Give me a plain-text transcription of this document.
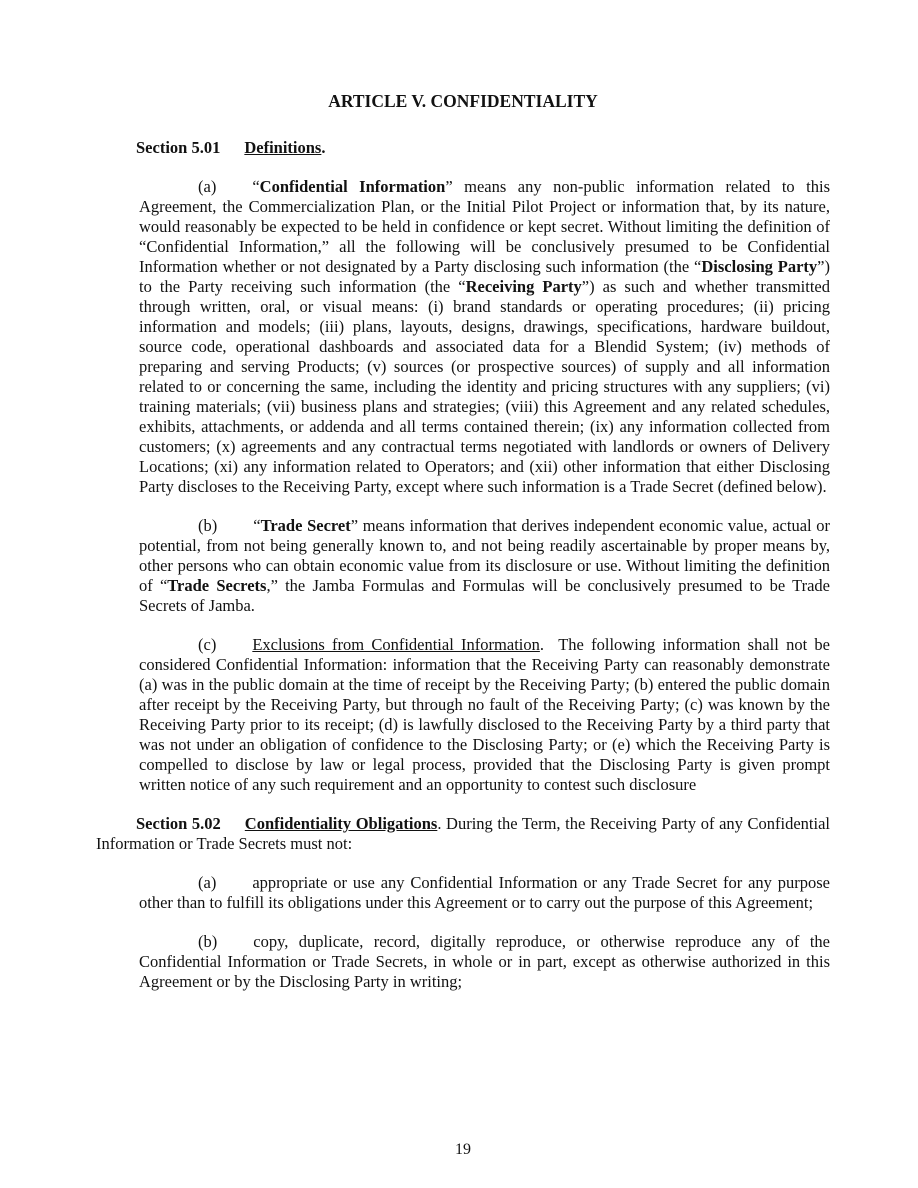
ARTICLE V. CONFIDENTIALITY

Section 5.01 Definitions.

(a) “Confidential Information” means any non-public information related to this Agreement, the Commercialization Plan, or the Initial Pilot Project or information that, by its nature, would reasonably be expected to be held in confidence or kept secret. Without limiting the definition of “Confidential Information,” all the following will be conclusively presumed to be Confidential Information whether or not designated by a Party disclosing such information (the “Disclosing Party”) to the Party receiving such information (the “Receiving Party”) as such and whether transmitted through written, oral, or visual means: (i) brand standards or operating procedures; (ii) pricing information and models; (iii) plans, layouts, designs, drawings, specifications, hardware buildout, source code, operational dashboards and associated data for a Blendid System; (iv) methods of preparing and serving Products; (v) sources (or prospective sources) of supply and all information related to or concerning the same, including the identity and pricing structures with any suppliers; (vi) training materials; (vii) business plans and strategies; (viii) this Agreement and any related schedules, exhibits, attachments, or addenda and all terms contained therein; (ix) any information collected from customers; (x) agreements and any contractual terms negotiated with landlords or owners of Delivery Locations; (xi) any information related to Operators; and (xii) other information that either Disclosing Party discloses to the Receiving Party, except where such information is a Trade Secret (defined below).

(b) “Trade Secret” means information that derives independent economic value, actual or potential, from not being generally known to, and not being readily ascertainable by proper means by, other persons who can obtain economic value from its disclosure or use. Without limiting the definition of “Trade Secrets,” the Jamba Formulas and Formulas will be conclusively presumed to be Trade Secrets of Jamba.

(c) Exclusions from Confidential Information.  The following information shall not be considered Confidential Information: information that the Receiving Party can reasonably demonstrate (a) was in the public domain at the time of receipt by the Receiving Party; (b) entered the public domain after receipt by the Receiving Party, but through no fault of the Receiving Party; (c) was known by the Receiving Party prior to its receipt; (d) is lawfully disclosed to the Receiving Party by a third party that was not under an obligation of confidence to the Disclosing Party; or (e) which the Receiving Party is compelled to disclose by law or legal process, provided that the Disclosing Party is given prompt written notice of any such requirement and an opportunity to contest such disclosure

Section 5.02 Confidentiality Obligations. During the Term, the Receiving Party of any Confidential Information or Trade Secrets must not:

(a) appropriate or use any Confidential Information or any Trade Secret for any purpose other than to fulfill its obligations under this Agreement or to carry out the purpose of this Agreement;

(b) copy, duplicate, record, digitally reproduce, or otherwise reproduce any of the Confidential Information or Trade Secrets, in whole or in part, except as otherwise authorized in this Agreement or by the Disclosing Party in writing;

19
